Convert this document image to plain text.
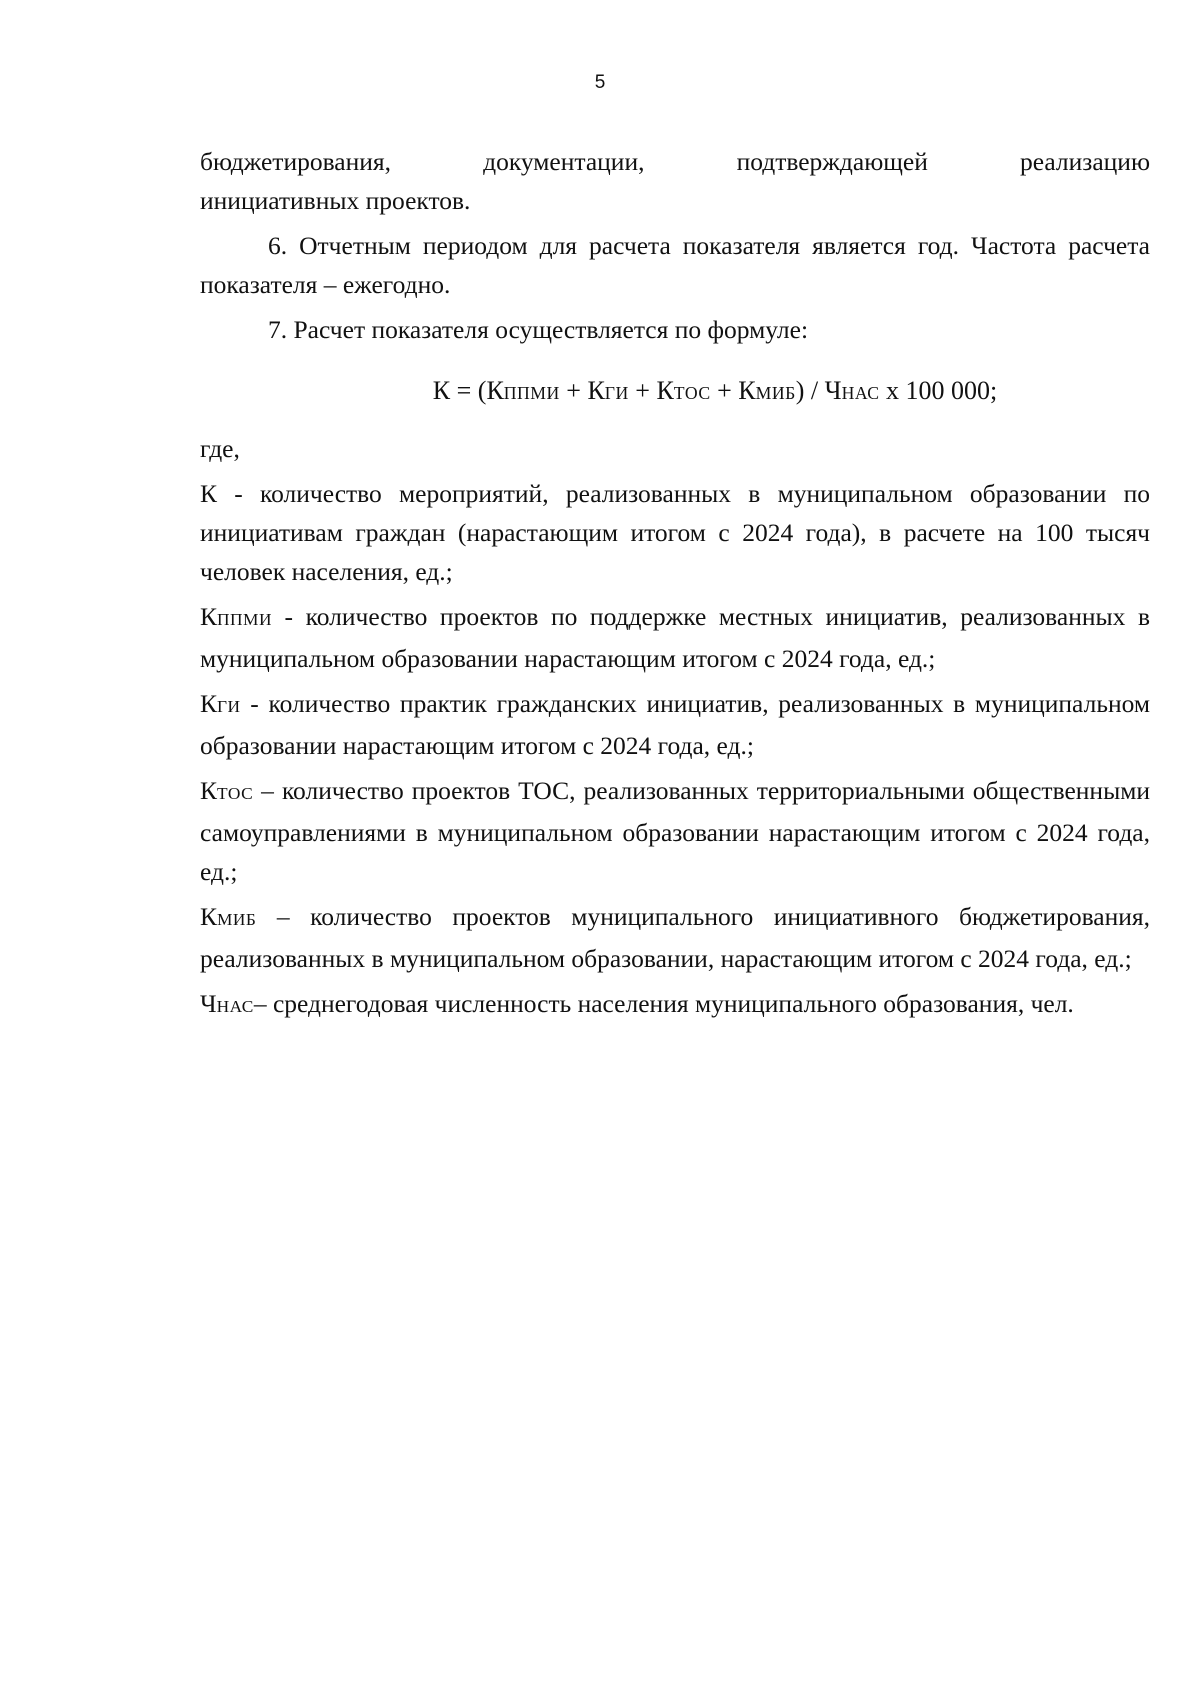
5

бюджетирования, документации, подтверждающей реализацию

инициативных проектов.

6. Отчетным периодом для расчета показателя является год. Частота расчета показателя – ежегодно.

7. Расчет показателя осуществляется по формуле:

К = (КППМИ + КГИ + КТОС + КМИБ) / ЧНАС х 100 000;

где,

К - количество мероприятий, реализованных в муниципальном образовании по инициативам граждан (нарастающим итогом с 2024 года), в расчете на 100 тысяч человек населения, ед.;

КППМИ - количество проектов по поддержке местных инициатив, реализованных в муниципальном образовании нарастающим итогом с 2024 года, ед.;

КГИ - количество практик гражданских инициатив, реализованных в муниципальном образовании нарастающим итогом с 2024 года, ед.;

КТОС – количество проектов ТОС, реализованных территориальными общественными самоуправлениями в муниципальном образовании нарастающим итогом с 2024 года, ед.;

КМИБ – количество проектов муниципального инициативного бюджетирования, реализованных в муниципальном образовании, нарастающим итогом с 2024 года, ед.;

ЧНАС– среднегодовая численность населения муниципального образования, чел.
